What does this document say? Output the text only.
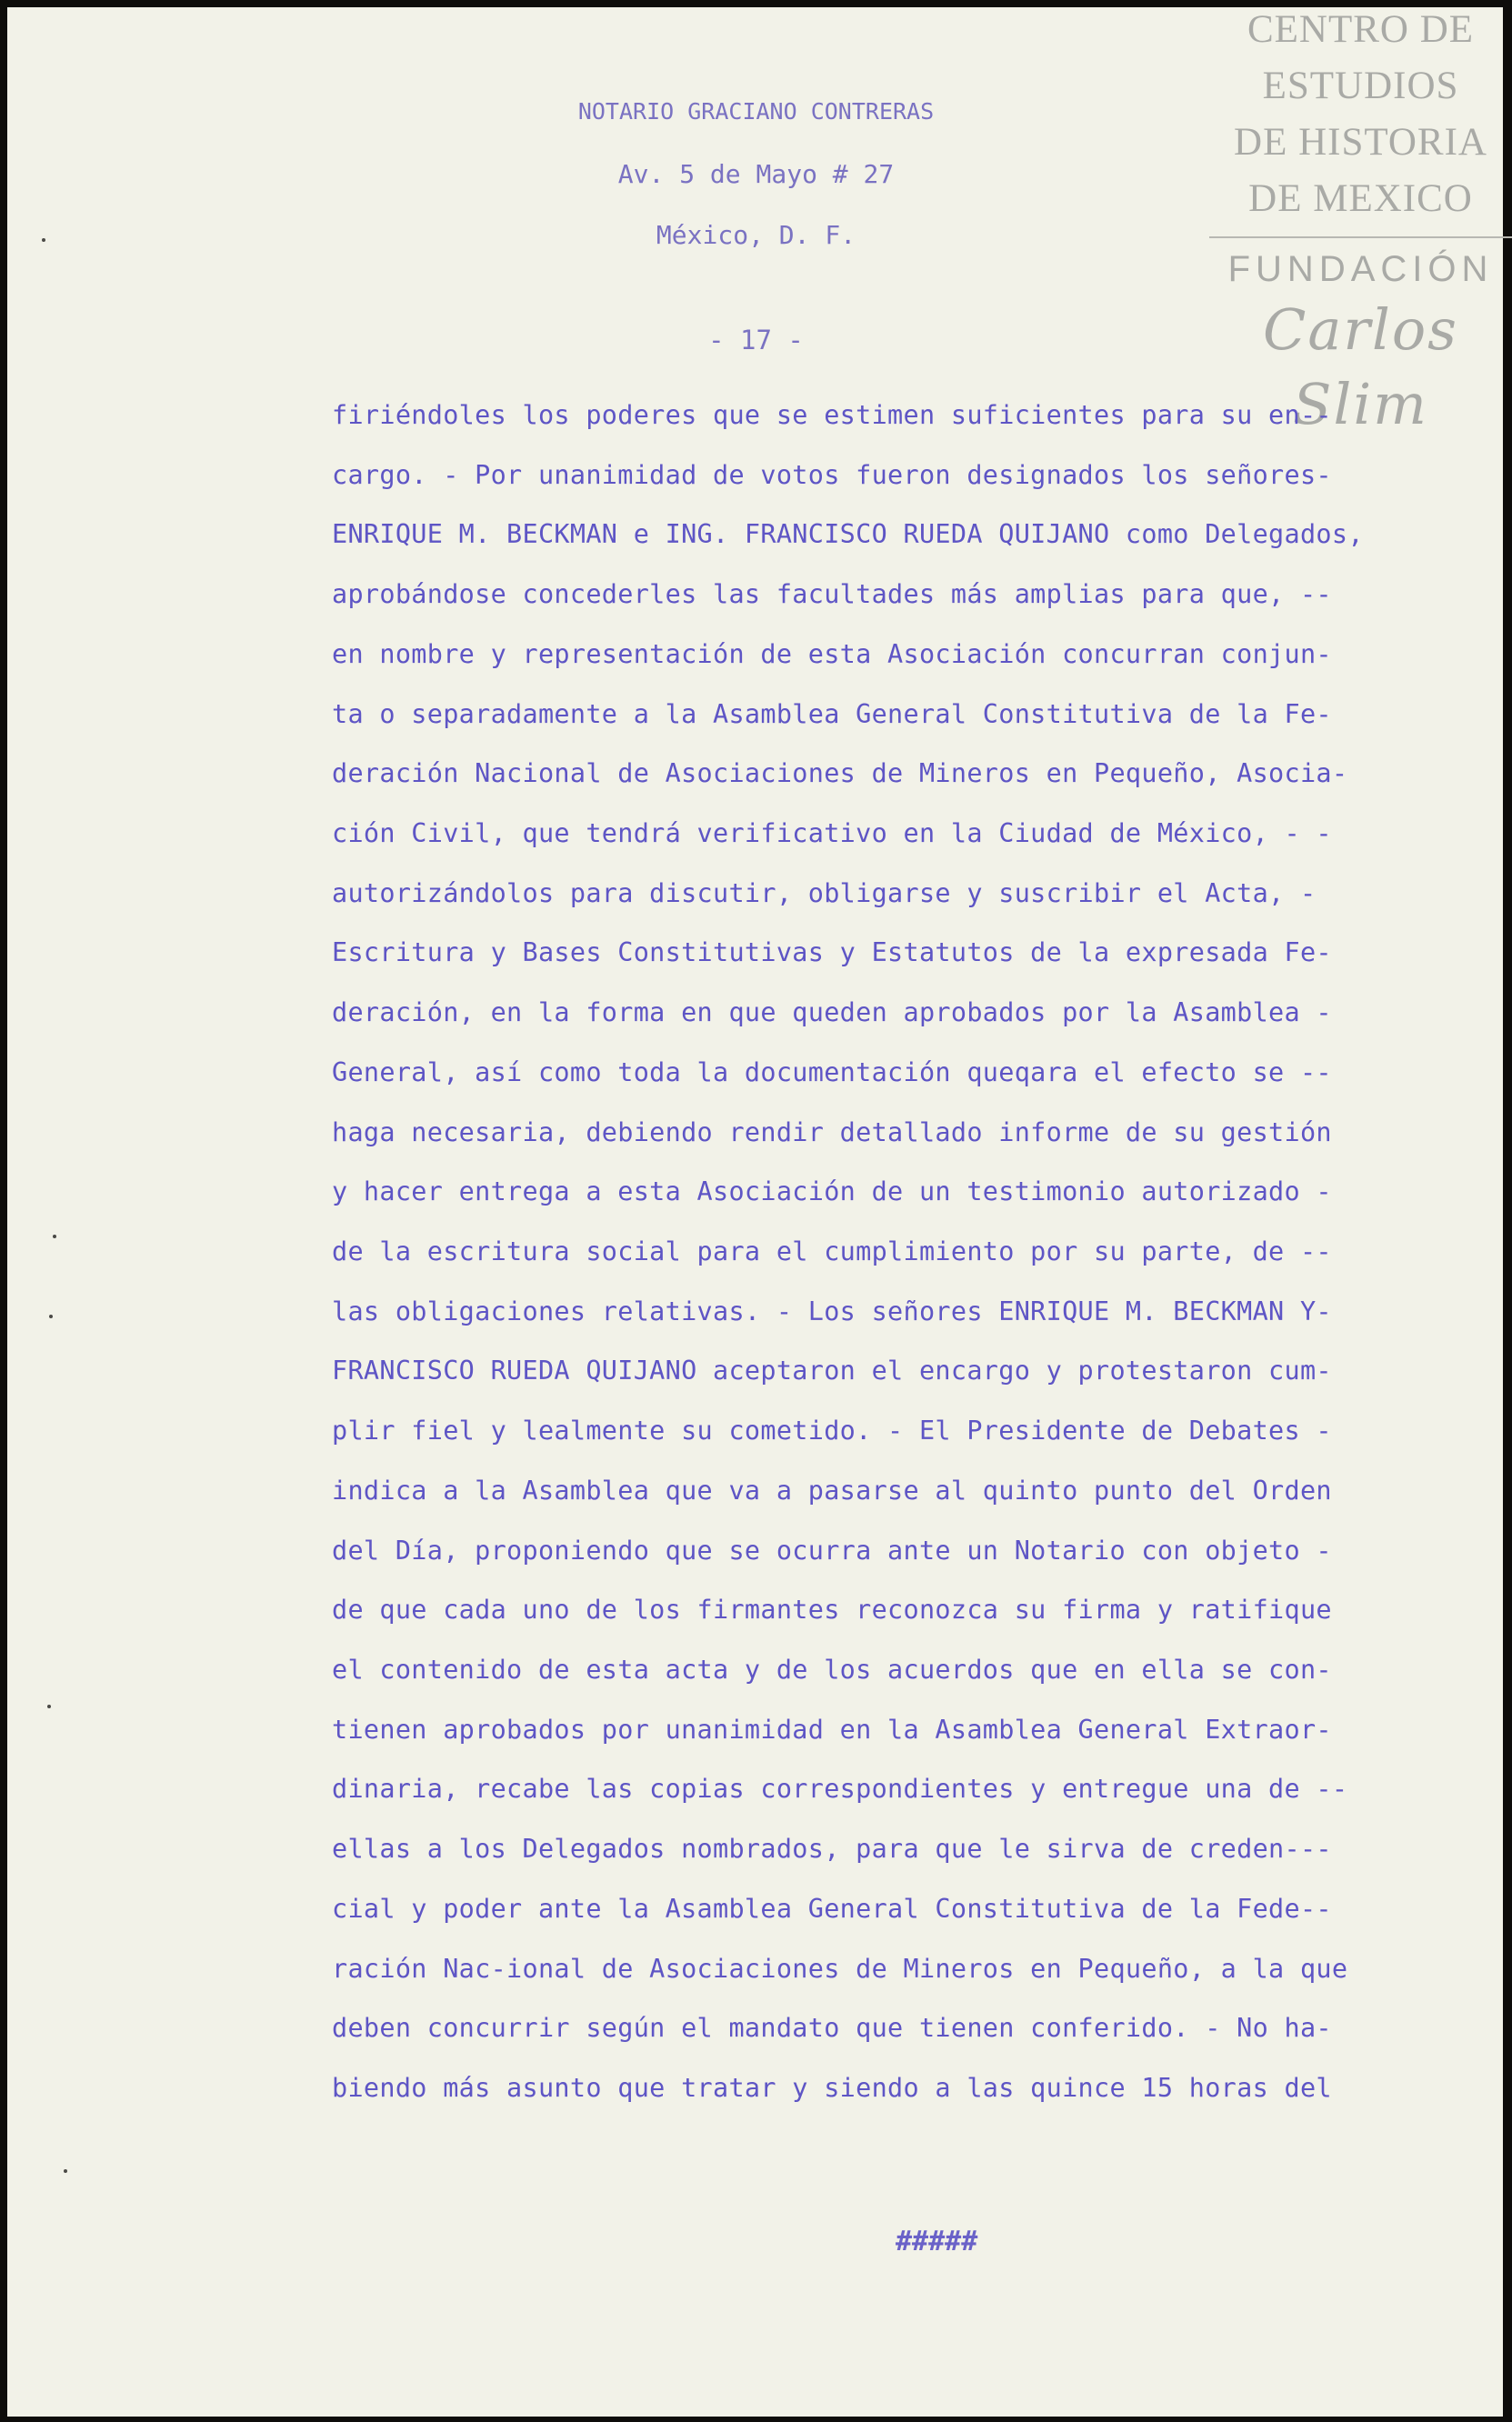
CENTRO DE
ESTUDIOS
DE HISTORIA
DE MEXICO
FUNDACIÓN
Carlos Slim
NOTARIO GRACIANO CONTRERAS
Av. 5 de Mayo # 27
México, D. F.
- 17 -
firiéndoles los poderes que se estimen suficientes para su en--
cargo. - Por unanimidad de votos fueron designados los señores-
ENRIQUE M. BECKMAN e ING. FRANCISCO RUEDA QUIJANO como Delegados,
aprobándose concederles las facultades más amplias para que, --
en nombre y representación de esta Asociación concurran conjun-
ta o separadamente a la Asamblea General Constitutiva de la Fe-
deración Nacional de Asociaciones de Mineros en Pequeño, Asocia-
ción Civil, que tendrá verificativo en la Ciudad de México, - -
autorizándolos para discutir, obligarse y suscribir el Acta, -
Escritura y Bases Constitutivas y Estatutos de la expresada Fe-
deración, en la forma en que queden aprobados por la Asamblea -
General, así como toda la documentación queqara el efecto se --
haga necesaria, debiendo rendir detallado informe de su gestión
y hacer entrega a esta Asociación de un testimonio autorizado -
de la escritura social para el cumplimiento por su parte, de --
las obligaciones relativas. - Los señores ENRIQUE M. BECKMAN Y-
FRANCISCO RUEDA QUIJANO aceptaron el encargo y protestaron cum-
plir fiel y lealmente su cometido. - El Presidente de Debates -
indica a la Asamblea que va a pasarse al quinto punto del Orden
del Día, proponiendo que se ocurra ante un Notario con objeto -
de que cada uno de los firmantes reconozca su firma y ratifique
el contenido de esta acta y de los acuerdos que en ella se con-
tienen aprobados por unanimidad en la Asamblea General Extraor-
dinaria, recabe las copias correspondientes y entregue una de --
ellas a los Delegados nombrados, para que le sirva de creden---
cial y poder ante la Asamblea General Constitutiva de la Fede--
ración Nac-ional de Asociaciones de Mineros en Pequeño, a la que
deben concurrir según el mandato que tienen conferido. - No ha-
biendo más asunto que tratar y siendo a las quince 15 horas del
#####
